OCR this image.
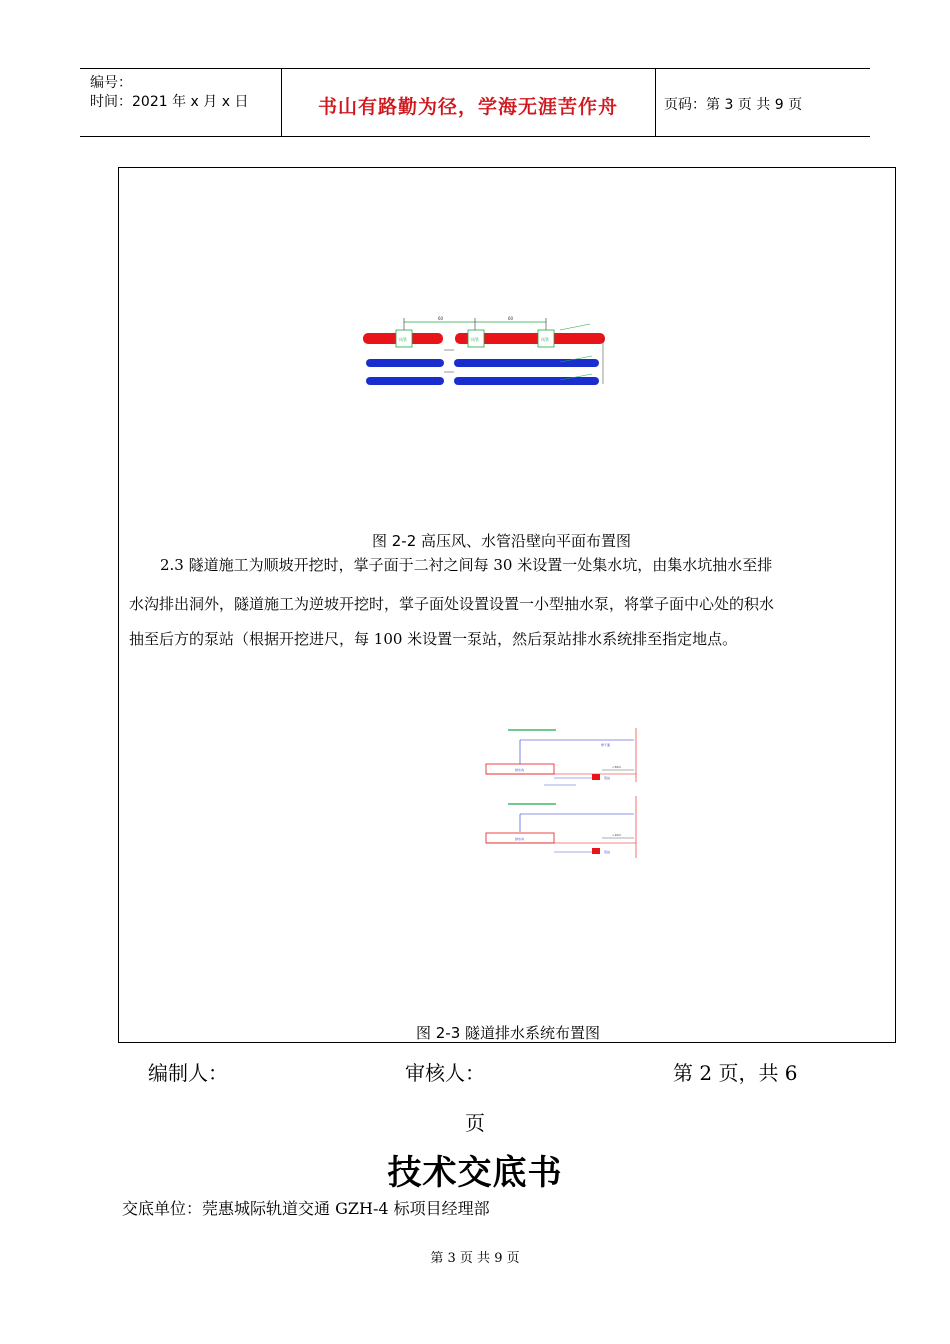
编号：
时间：2021 年 x 月 x 日	书山有路勤为径，学海无涯苦作舟	页码：第 3 页 共 9 页
60	60
风管	风管	风管
图 2-2 高压风、水管沿壁向平面布置图
2.3 隧道施工为顺坡开挖时，掌子面于二衬之间每 30 米设置一处集水坑，由集水坑抽水至排
水沟排出洞外，隧道施工为逆坡开挖时，掌子面处设置设置一小型抽水泵，将掌子面中心处的积水
抽至后方的泵站（根据开挖进尺，每 100 米设置一泵站，然后泵站排水系统排至指定地点。
排水沟
掌子面
<30m
泵站
排水沟
<10m
泵站
图 2-3 隧道排水系统布置图
编制人：	审核人：	第 2 页，共 6
页
技术交底书
交底单位：莞惠城际轨道交通 GZH-4 标项目经理部
第 3 页 共 9 页
